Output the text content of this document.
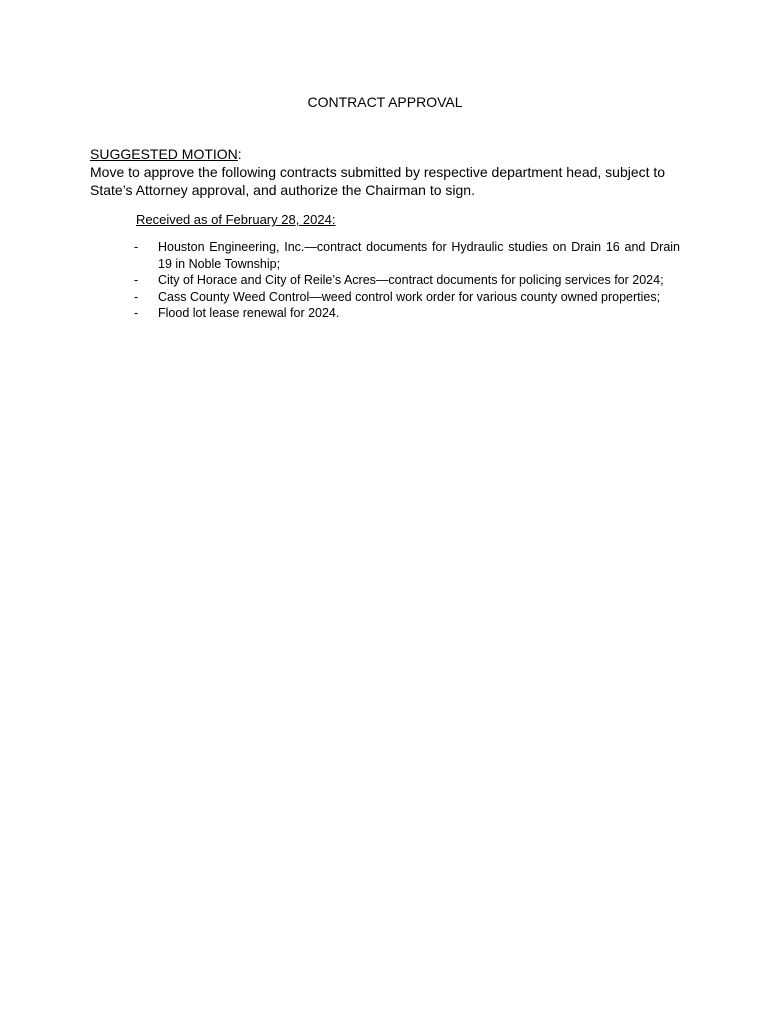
CONTRACT APPROVAL
SUGGESTED MOTION:
Move to approve the following contracts submitted by respective department head, subject to State’s Attorney approval, and authorize the Chairman to sign.
Received as of February 28, 2024:
- Houston Engineering, Inc.—contract documents for Hydraulic studies on Drain 16 and Drain 19 in Noble Township;
- City of Horace and City of Reile’s Acres—contract documents for policing services for 2024;
- Cass County Weed Control—weed control work order for various county owned properties;
- Flood lot lease renewal for 2024.
